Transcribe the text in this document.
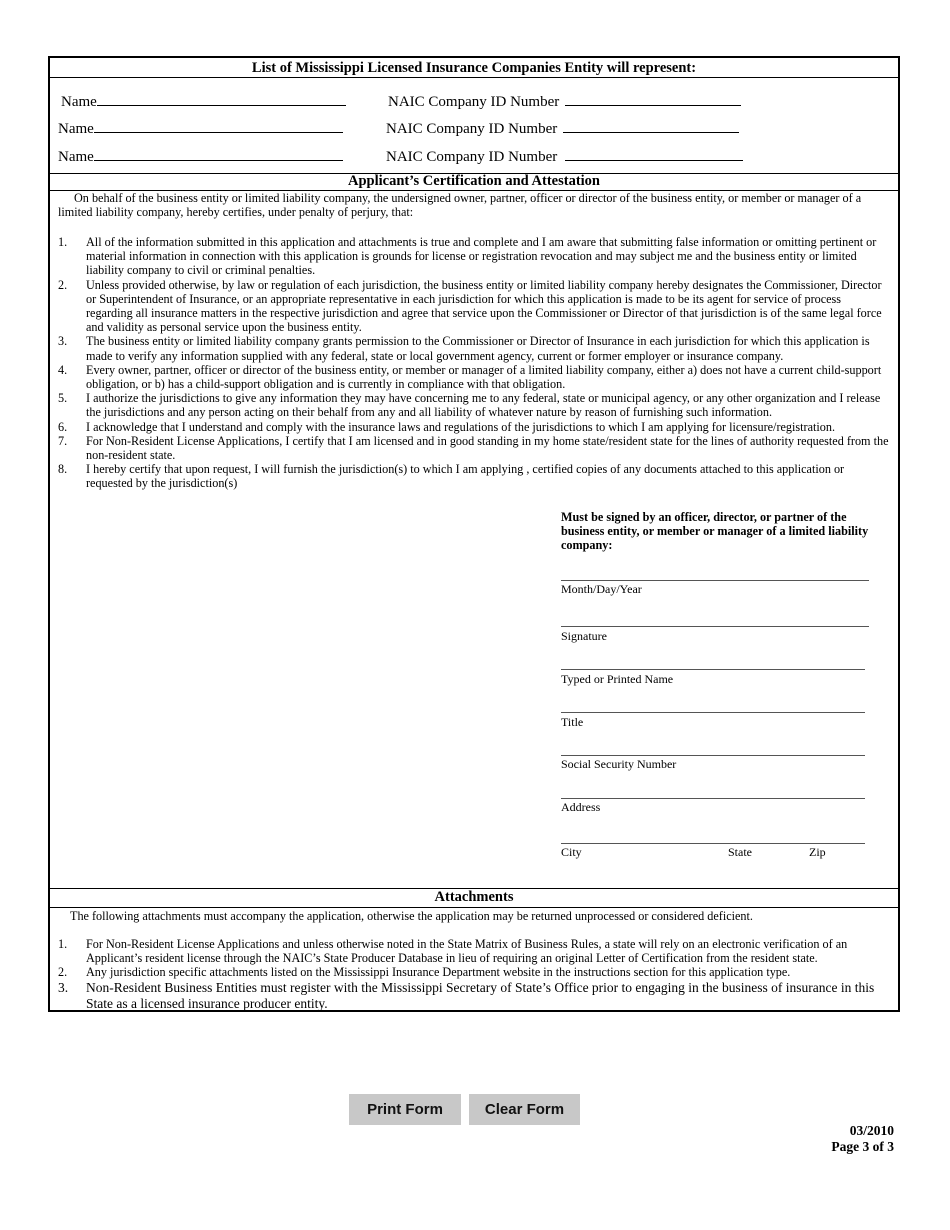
List of Mississippi Licensed Insurance Companies Entity will represent:
Name	NAIC Company ID Number
Name	NAIC Company ID Number
Name	NAIC Company ID Number
Applicant’s Certification and Attestation
On behalf of the business entity or limited liability company, the undersigned owner, partner, officer or director of the business entity, or member or manager of a limited liability company, hereby certifies, under penalty of perjury, that:
1. All of the information submitted in this application and attachments is true and complete and I am aware that submitting false information or omitting pertinent or material information in connection with this application is grounds for license or registration revocation and may subject me and the business entity or limited liability company to civil or criminal penalties.
2. Unless provided otherwise, by law or regulation of each jurisdiction, the business entity or limited liability company hereby designates the Commissioner, Director or Superintendent of Insurance, or an appropriate representative in each jurisdiction for which this application is made to be its agent for service of process regarding all insurance matters in the respective jurisdiction and agree that service upon the Commissioner or Director of that jurisdiction is of the same legal force and validity as personal service upon the business entity.
3. The business entity or limited liability company grants permission to the Commissioner or Director of Insurance in each jurisdiction for which this application is made to verify any information supplied with any federal, state or local government agency, current or former employer or insurance company.
4. Every owner, partner, officer or director of the business entity, or member or manager of a limited liability company, either a) does not have a current child-support obligation, or b) has a child-support obligation and is currently in compliance with that obligation.
5. I authorize the jurisdictions to give any information they may have concerning me to any federal, state or municipal agency, or any other organization and I release the jurisdictions and any person acting on their behalf from any and all liability of whatever nature by reason of furnishing such information.
6. I acknowledge that I understand and comply with the insurance laws and regulations of the jurisdictions to which I am applying for licensure/registration.
7. For Non-Resident License Applications, I certify that I am licensed and in good standing in my home state/resident state for the lines of authority requested from the non-resident state.
8. I hereby certify that upon request, I will furnish the jurisdiction(s) to which I am applying , certified copies of any documents attached to this application or requested by the jurisdiction(s)
Must be signed by an officer, director, or partner of the business entity, or member or manager of a limited liability company:
Month/Day/Year
Signature
Typed or Printed Name
Title
Social Security Number
Address
City	State	Zip
Attachments
The following attachments must accompany the application, otherwise the application may be returned unprocessed or considered deficient.
1. For Non-Resident License Applications and unless otherwise noted in the State Matrix of Business Rules, a state will rely on an electronic verification of an Applicant’s resident license through the NAIC’s State Producer Database in lieu of requiring an original Letter of Certification from the resident state.
2. Any jurisdiction specific attachments listed on the Mississippi Insurance Department website in the instructions section for this application type.
3. Non-Resident Business Entities must register with the Mississippi Secretary of State’s Office prior to engaging in the business of insurance in this State as a licensed insurance producer entity.
Print Form	Clear Form
03/2010
Page 3 of 3
